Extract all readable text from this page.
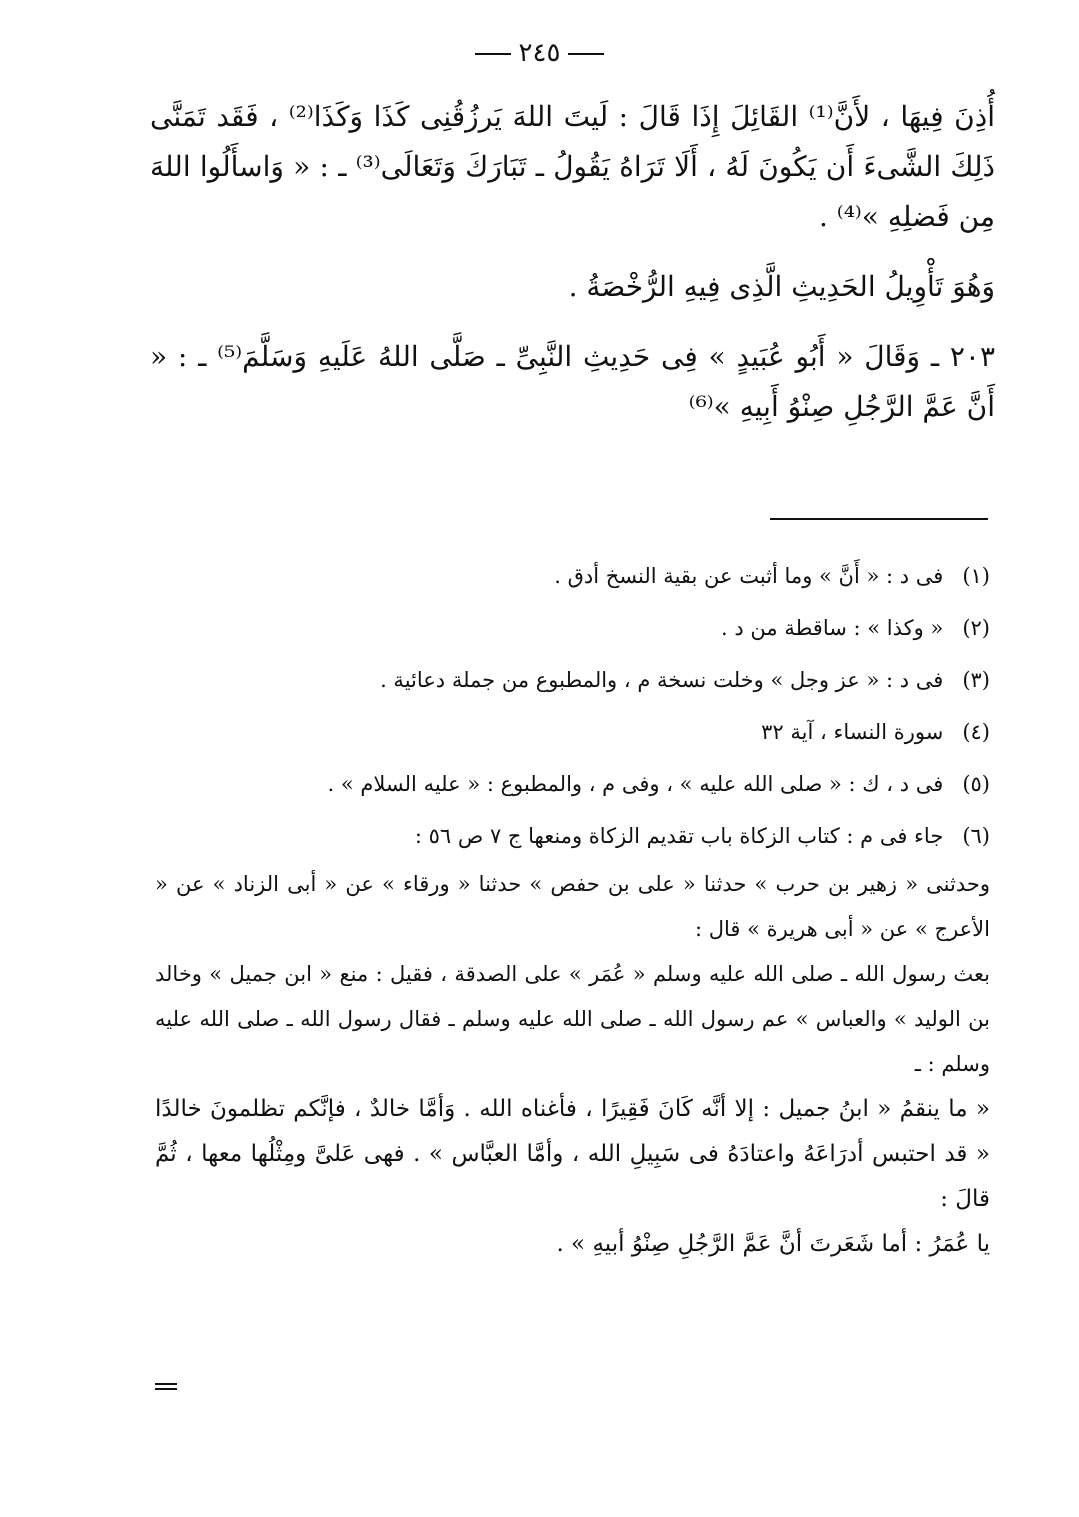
٢٤٥

أُذِنَ فِيهَا ، لأَنَّ⁽¹⁾ القَائِلَ إِذَا قَالَ : لَيتَ اللهَ يَرزُقُنِى كَذَا وَكَذَا⁽²⁾ ، فَقَد تَمَنَّى ذَلِكَ الشَّىءَ أَن يَكُونَ لَهُ ، أَلَا تَرَاهُ يَقُولُ ـ تَبَارَكَ وَتَعَالَى⁽³⁾ ـ : « وَاسأَلُوا اللهَ مِن فَضلِهِ »⁽⁴⁾ .

وَهُوَ تَأْوِيلُ الحَدِيثِ الَّذِى فِيهِ الرُّخْصَةُ .

٢٠٣ ـ وَقَالَ « أَبُو عُبَيدٍ » فِى حَدِيثِ النَّبِىِّ ـ صَلَّى اللهُ عَلَيهِ وَسَلَّمَ⁽⁵⁾ ـ : « أَنَّ عَمَّ الرَّجُلِ صِنْوُ أَبِيهِ »⁽⁶⁾

(١) فى د : « أَنَّ » وما أثبت عن بقية النسخ أدق .

(٢) « وكذا » : ساقطة من د .

(٣) فى د : « عز وجل » وخلت نسخة م ، والمطبوع من جملة دعائية .

(٤) سورة النساء ، آية ٣٢

(٥) فى د ، ك : « صلى الله عليه » ، وفى م ، والمطبوع : « عليه السلام » .

(٦) جاء فى م : كتاب الزكاة باب تقديم الزكاة ومنعها ج ٧ ص ٥٦ :

وحدثنى « زهير بن حرب » حدثنا « على بن حفص » حدثنا « ورقاء » عن « أبى الزناد » عن « الأعرج » عن « أبى هريرة » قال :

بعث رسول الله ـ صلى الله عليه وسلم « عُمَر » على الصدقة ، فقيل : منع « ابن جميل » وخالد بن الوليد » والعباس » عم رسول الله ـ صلى الله عليه وسلم ـ فقال رسول الله ـ صلى الله عليه وسلم : ـ

« ما ينقمُ « ابنُ جميل : إلا أنَّه كَانَ فَقِيرًا ، فأغناه الله . وَأمَّا خالدٌ ، فإنَّكم تظلمونَ خالدًا « قد احتبس أدرَاعَهُ واعتادَهُ فى سَبِيلِ الله ، وأمَّا العبَّاس » . فهى عَلىَّ ومِثْلُها معها ، ثُمَّ قالَ :

يا عُمَرُ : أما شَعَرتَ أنَّ عَمَّ الرَّجُلِ صِنْوُ أبيهِ » .
